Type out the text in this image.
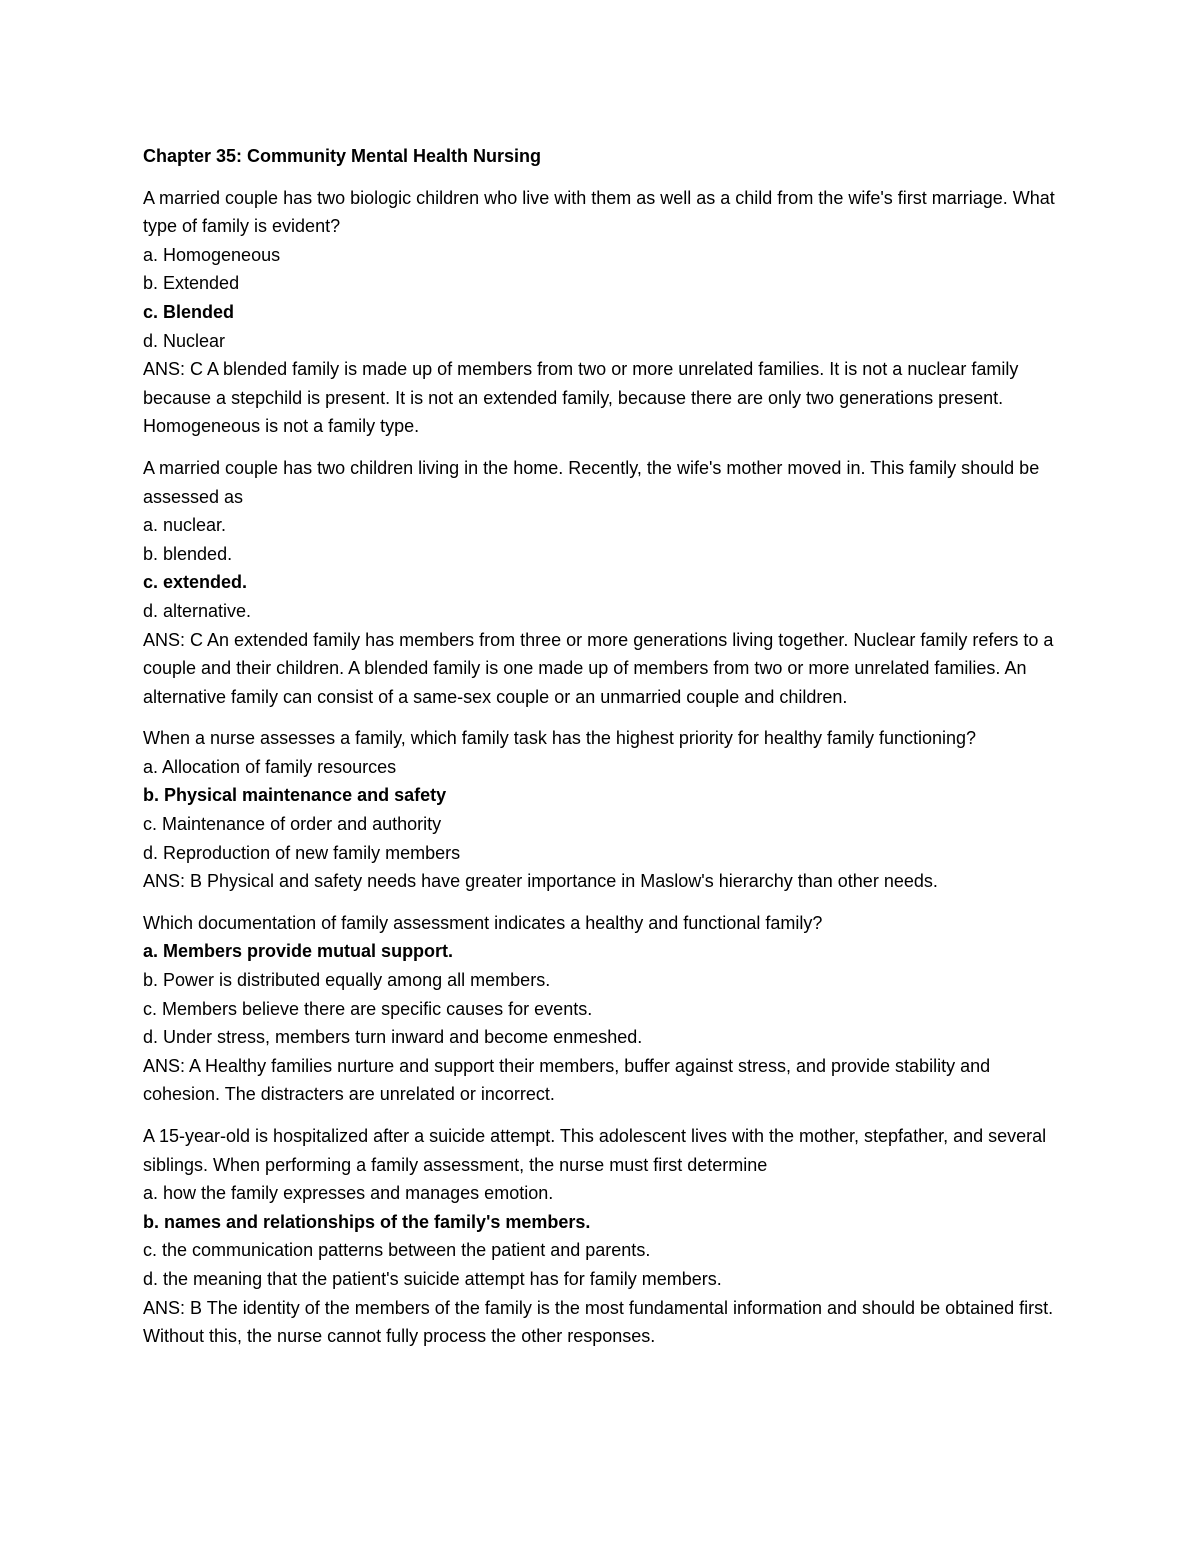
Chapter 35: Community Mental Health Nursing
A married couple has two biologic children who live with them as well as a child from the wife's first marriage. What type of family is evident?
a. Homogeneous
b. Extended
c. Blended
d. Nuclear
ANS: C A blended family is made up of members from two or more unrelated families. It is not a nuclear family because a stepchild is present. It is not an extended family, because there are only two generations present. Homogeneous is not a family type.
A married couple has two children living in the home. Recently, the wife's mother moved in. This family should be assessed as
a. nuclear.
b. blended.
c. extended.
d. alternative.
ANS: C An extended family has members from three or more generations living together. Nuclear family refers to a couple and their children. A blended family is one made up of members from two or more unrelated families. An alternative family can consist of a same-sex couple or an unmarried couple and children.
When a nurse assesses a family, which family task has the highest priority for healthy family functioning?
a. Allocation of family resources
b. Physical maintenance and safety
c. Maintenance of order and authority
d. Reproduction of new family members
ANS: B Physical and safety needs have greater importance in Maslow's hierarchy than other needs.
Which documentation of family assessment indicates a healthy and functional family?
a. Members provide mutual support.
b. Power is distributed equally among all members.
c. Members believe there are specific causes for events.
d. Under stress, members turn inward and become enmeshed.
ANS: A Healthy families nurture and support their members, buffer against stress, and provide stability and cohesion. The distracters are unrelated or incorrect.
A 15-year-old is hospitalized after a suicide attempt. This adolescent lives with the mother, stepfather, and several siblings. When performing a family assessment, the nurse must first determine
a. how the family expresses and manages emotion.
b. names and relationships of the family's members.
c. the communication patterns between the patient and parents.
d. the meaning that the patient's suicide attempt has for family members.
ANS: B The identity of the members of the family is the most fundamental information and should be obtained first. Without this, the nurse cannot fully process the other responses.
